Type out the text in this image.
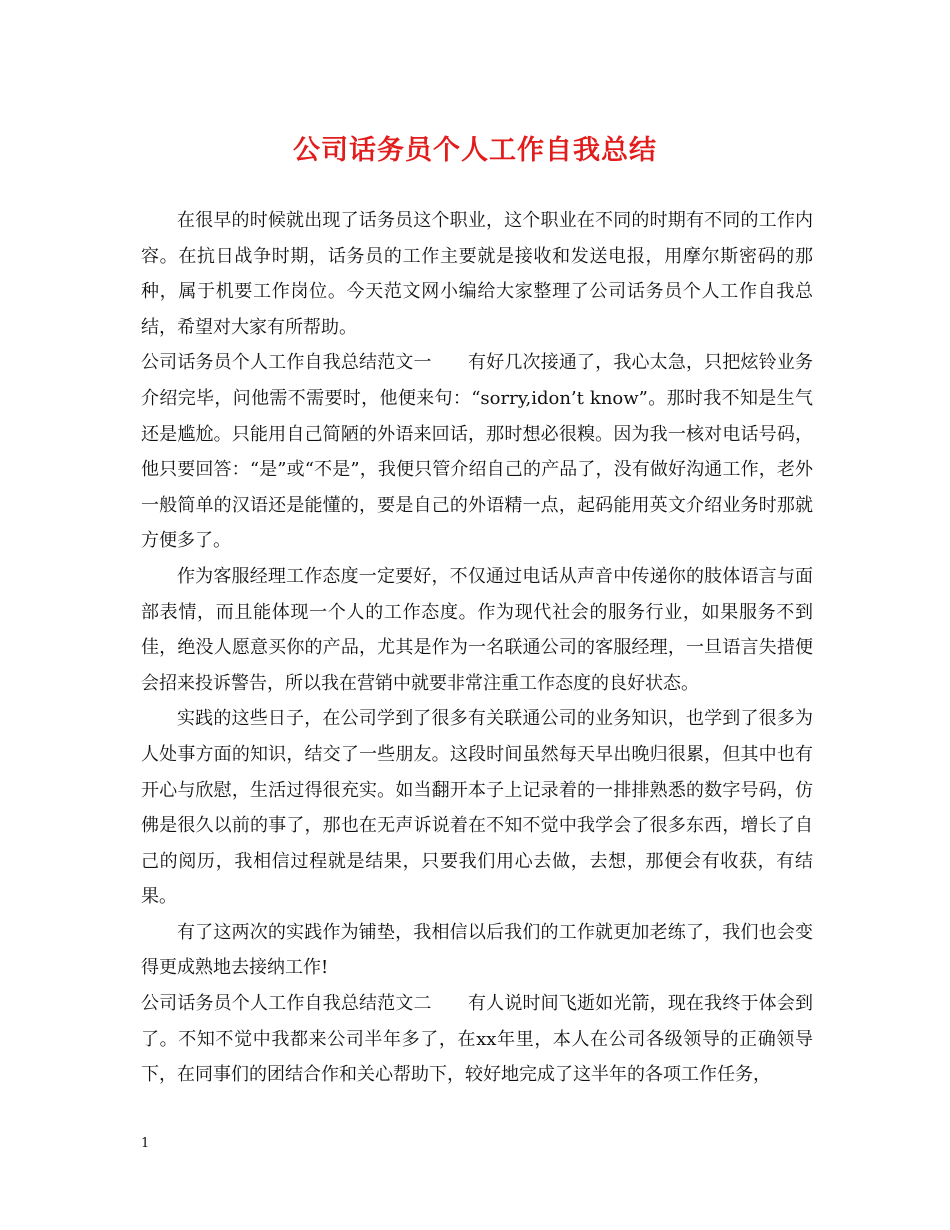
公司话务员个人工作自我总结

在很早的时候就出现了话务员这个职业，这个职业在不同的时期有不同的工作内容。在抗日战争时期，话务员的工作主要就是接收和发送电报，用摩尔斯密码的那种，属于机要工作岗位。今天范文网小编给大家整理了公司话务员个人工作自我总结，希望对大家有所帮助。

公司话务员个人工作自我总结范文一　　有好几次接通了，我心太急，只把炫铃业务介绍完毕，问他需不需要时，他便来句：“sorry,idon’t know”。那时我不知是生气还是尴尬。只能用自己简陋的外语来回话，那时想必很糗。因为我一核对电话号码，他只要回答：“是”或“不是”，我便只管介绍自己的产品了，没有做好沟通工作，老外一般简单的汉语还是能懂的，要是自己的外语精一点，起码能用英文介绍业务时那就方便多了。

作为客服经理工作态度一定要好，不仅通过电话从声音中传递你的肢体语言与面部表情，而且能体现一个人的工作态度。作为现代社会的服务行业，如果服务不到佳，绝没人愿意买你的产品，尤其是作为一名联通公司的客服经理，一旦语言失措便会招来投诉警告，所以我在营销中就要非常注重工作态度的良好状态。

实践的这些日子，在公司学到了很多有关联通公司的业务知识，也学到了很多为人处事方面的知识，结交了一些朋友。这段时间虽然每天早出晚归很累，但其中也有开心与欣慰，生活过得很充实。如当翻开本子上记录着的一排排熟悉的数字号码，仿佛是很久以前的事了，那也在无声诉说着在不知不觉中我学会了很多东西，增长了自己的阅历，我相信过程就是结果，只要我们用心去做，去想，那便会有收获，有结果。

有了这两次的实践作为铺垫，我相信以后我们的工作就更加老练了，我们也会变得更成熟地去接纳工作!

公司话务员个人工作自我总结范文二　　有人说时间飞逝如光箭，现在我终于体会到了。不知不觉中我都来公司半年多了，在xx年里，本人在公司各级领导的正确领导下，在同事们的团结合作和关心帮助下，较好地完成了这半年的各项工作任务，

1
